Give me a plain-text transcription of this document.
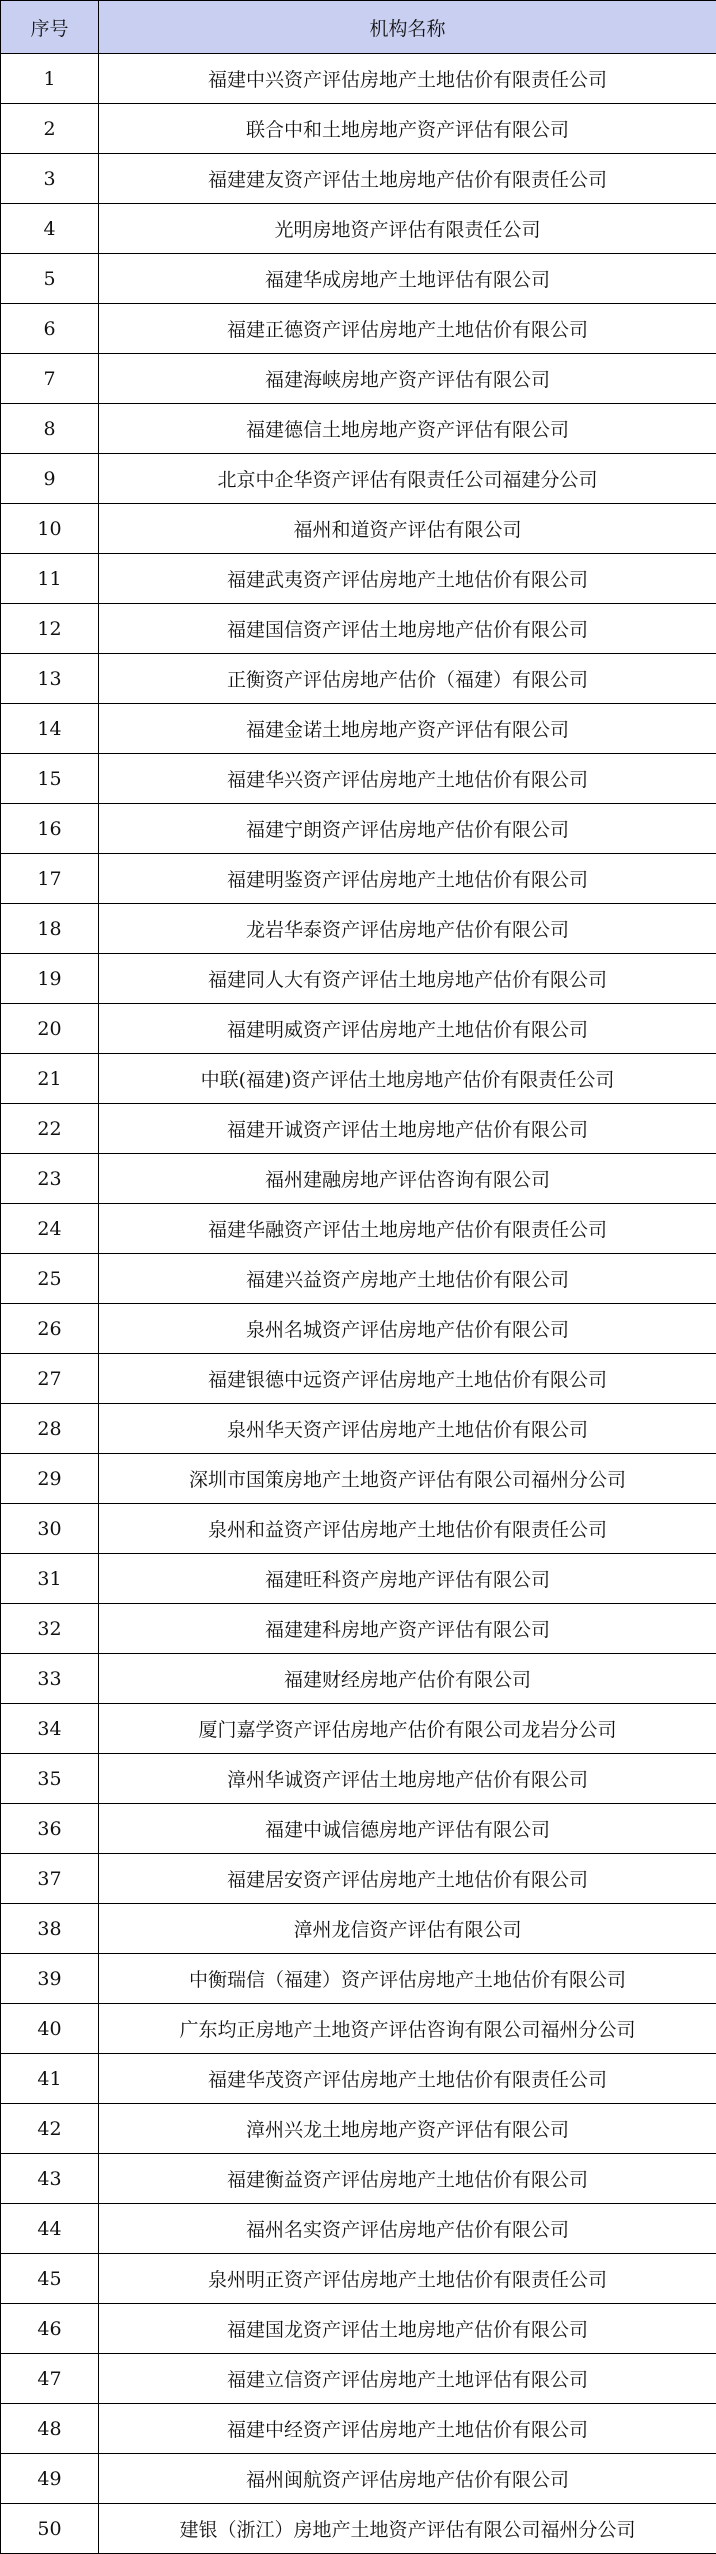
序号	机构名称
1	福建中兴资产评估房地产土地估价有限责任公司
2	联合中和土地房地产资产评估有限公司
3	福建建友资产评估土地房地产估价有限责任公司
4	光明房地资产评估有限责任公司
5	福建华成房地产土地评估有限公司
6	福建正德资产评估房地产土地估价有限公司
7	福建海峡房地产资产评估有限公司
8	福建德信土地房地产资产评估有限公司
9	北京中企华资产评估有限责任公司福建分公司
10	福州和道资产评估有限公司
11	福建武夷资产评估房地产土地估价有限公司
12	福建国信资产评估土地房地产估价有限公司
13	正衡资产评估房地产估价（福建）有限公司
14	福建金诺土地房地产资产评估有限公司
15	福建华兴资产评估房地产土地估价有限公司
16	福建宁朗资产评估房地产估价有限公司
17	福建明鉴资产评估房地产土地估价有限公司
18	龙岩华泰资产评估房地产估价有限公司
19	福建同人大有资产评估土地房地产估价有限公司
20	福建明威资产评估房地产土地估价有限公司
21	中联(福建)资产评估土地房地产估价有限责任公司
22	福建开诚资产评估土地房地产估价有限公司
23	福州建融房地产评估咨询有限公司
24	福建华融资产评估土地房地产估价有限责任公司
25	福建兴益资产房地产土地估价有限公司
26	泉州名城资产评估房地产估价有限公司
27	福建银德中远资产评估房地产土地估价有限公司
28	泉州华天资产评估房地产土地估价有限公司
29	深圳市国策房地产土地资产评估有限公司福州分公司
30	泉州和益资产评估房地产土地估价有限责任公司
31	福建旺科资产房地产评估有限公司
32	福建建科房地产资产评估有限公司
33	福建财经房地产估价有限公司
34	厦门嘉学资产评估房地产估价有限公司龙岩分公司
35	漳州华诚资产评估土地房地产估价有限公司
36	福建中诚信德房地产评估有限公司
37	福建居安资产评估房地产土地估价有限公司
38	漳州龙信资产评估有限公司
39	中衡瑞信（福建）资产评估房地产土地估价有限公司
40	广东均正房地产土地资产评估咨询有限公司福州分公司
41	福建华茂资产评估房地产土地估价有限责任公司
42	漳州兴龙土地房地产资产评估有限公司
43	福建衡益资产评估房地产土地估价有限公司
44	福州名实资产评估房地产估价有限公司
45	泉州明正资产评估房地产土地估价有限责任公司
46	福建国龙资产评估土地房地产估价有限公司
47	福建立信资产评估房地产土地评估有限公司
48	福建中经资产评估房地产土地估价有限公司
49	福州闽航资产评估房地产估价有限公司
50	建银（浙江）房地产土地资产评估有限公司福州分公司
